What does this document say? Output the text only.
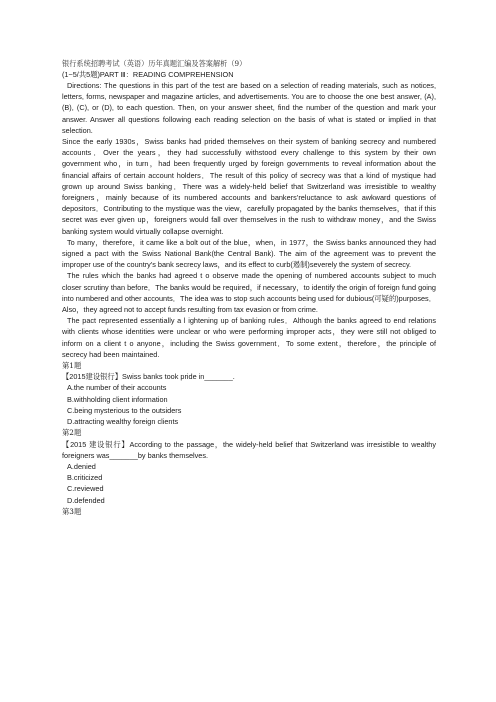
银行系统招聘考试（英语）历年真题汇编及答案解析（9）

(1~5/共5题)PART Ⅲ：READING COMPREHENSION

Directions: The questions in this part of the test are based on a selection of reading materials, such as notices, letters, forms, newspaper and magazine articles, and advertisements. You are to choose the one best answer, (A), (B), (C), or (D), to each question. Then, on your answer sheet, find the number of the question and mark your answer. Answer all questions following each reading selection on the basis of what is stated or implied in that selection.

Since the early 1930s，Swiss banks had prided themselves on their system of banking secrecy and numbered accounts．Over the years，they had successfully withstood every challenge to this system by their own government who，in turn，had been frequently urged by foreign governments to reveal information about the financial affairs of certain account holders．The result of this policy of secrecy was that a kind of mystique had grown up around Swiss banking．There was a widely-held belief that Switzerland was irresistible to wealthy foreigners，mainly because of its numbered accounts and bankers’reluctance to ask awkward questions of depositors．Contributing to the mystique was the view，carefully propagated by the banks themselves，that if this secret was ever given up，foreigners would fall over themselves in the rush to withdraw money，and the Swiss banking system would virtually collapse overnight.

To many，therefore，it came like a bolt out of the blue，when，in 1977，the Swiss banks announced they had signed a pact with the Swiss National Bank(the Central Bank). The aim of the agreement was to prevent the improper use of the country's bank secrecy laws，and its effect to curb(遏制)severely the system of secrecy.

The rules which the banks had agreed t o observe made the opening of numbered accounts subject to much closer scrutiny than before．The banks would be required，if necessary，to identify the origin of foreign fund going into numbered and other accounts．The idea was to stop such accounts being used for dubious(可疑的)purposes．Also，they agreed not to accept funds resulting from tax evasion or from crime.

The pact represented essentially a l ightening up of banking rules．Although the banks agreed to end relations with clients whose identities were unclear or who were performing improper acts，they were still not obliged to inform on a client t o anyone，including the Swiss government．To some extent，therefore，the principle of secrecy had been maintained.

第1题

【2015建设银行】Swiss banks took pride in_______.

A.the number of their accounts

B.withholding client information

C.being mysterious to the outsiders

D.attracting wealthy foreign clients

第2题

【2015 建设银行】According to the passage，the widely-held belief that Switzerland was irresistible to wealthy foreigners was_______by banks themselves.

A.denied

B.criticized

C.reviewed

D.defended

第3题
